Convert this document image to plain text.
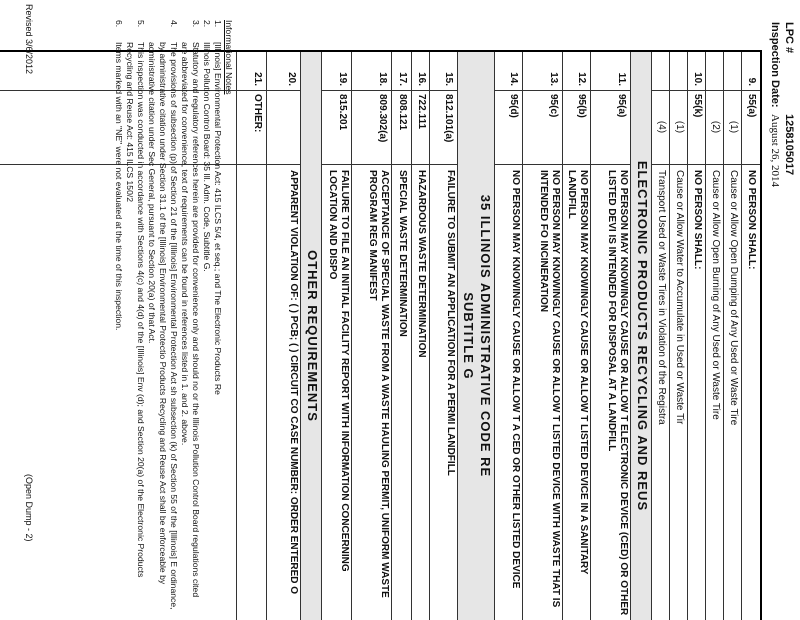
LPC #1258105017
Inspection Date:August 26, 2014
9.
55(a)
NO PERSON SHALL:
(1)
Cause or Allow Open Dumping of Any Used or Waste Tire
(2)
Cause or Allow Open Burning of Any Used or Waste Tire
10.
55(k)
NO PERSON SHALL:
(1)
Cause or Allow Water to Accumulate in Used or Waste Tir
(4)
Transport Used or Waste Tires in Violation of the Registra
ELECTRONIC PRODUCTS RECYCLING AND REUS
11.
95(a)
NO PERSON MAY KNOWINGLY CAUSE OR ALLOW T ELECTRONIC DEVICE (CED) OR OTHER LISTED DEVI IS INTENDED FOR DISPOSAL AT A LANDFILL
12.
95(b)
NO PERSON MAY KNOWINGLY CAUSE OR ALLOW T LISTED DEVICE IN A SANITARY LANDFILL
13.
95(c)
NO PERSON MAY KNOWINGLY CAUSE OR ALLOW T LISTED DEVICE WITH WASTE THAT IS INTENDED FO INCINERATION
14.
95(d)
NO PERSON MAY KNOWINGLY CAUSE OR ALLOW T A CED OR OTHER LISTED DEVICE
35 ILLINOIS ADMINISTRATIVE CODE RE
SUBTITLE G
15.
812.101(a)
FAILURE TO SUBMIT AN APPLICATION FOR A PERMI LANDFILL
16.
722.111
HAZARDOUS WASTE DETERMINATION
17.
808.121
SPECIAL WASTE DETERMINATION
18.
809.302(a)
ACCEPTANCE OF SPECIAL WASTE FROM A WASTE HAULING PERMIT, UNIFORM WASTE PROGRAM REG MANIFEST
19.
815.201
FAILURE TO FILE AN INITIAL FACILITY REPORT WITH INFORMATION CONCERNING LOCATION AND DISPO
OTHER REQUIREMENTS
20.
APPARENT VIOLATION OF: ( ) PCB; ( ) CIRCUIT CO CASE NUMBER: ORDER ENTERED O
21.
OTHER:
Informational Notes
1.
[Illinois] Environmental Protection Act: 415 ILCS 5/4, et seq.; and The Electronic Products Re
2.
Illinois Pollution Control Board: 35 Ill. Adm. Code, Subtitle G.
3.
Statutory and regulatory references herein are provided for convenience only and should no or the Illinois Pollution Control Board regulations cited are abbreviated for convenience, text of requirements can be found in references listed in 1. and 2. above.
4.
The provisions of subsection (p) of Section 21 of the [Illinois] Environmental Protection Act sh subsection (k) of Section 55 of the [Illinois] E ordinance, by administrative citation under Section 31.1 of the [Illinois] Environmental Protectio Products Recycling and Reuse Act shall be enforceable by administrative citation under Sec General, pursuant to Section 20(a) of that Act.
5.
This inspection was conducted in accordance with Sections 4(c) and 4(d) of the [Illinois] Env (d); and Section 20(a) of the Electronic Products Recycling and Reuse Act: 415 ILCS 150/2
6.
Items marked with an "NE" were not evaluated at the time of this inspection.
Revised 3/6/2012
(Open Dump - 2)
